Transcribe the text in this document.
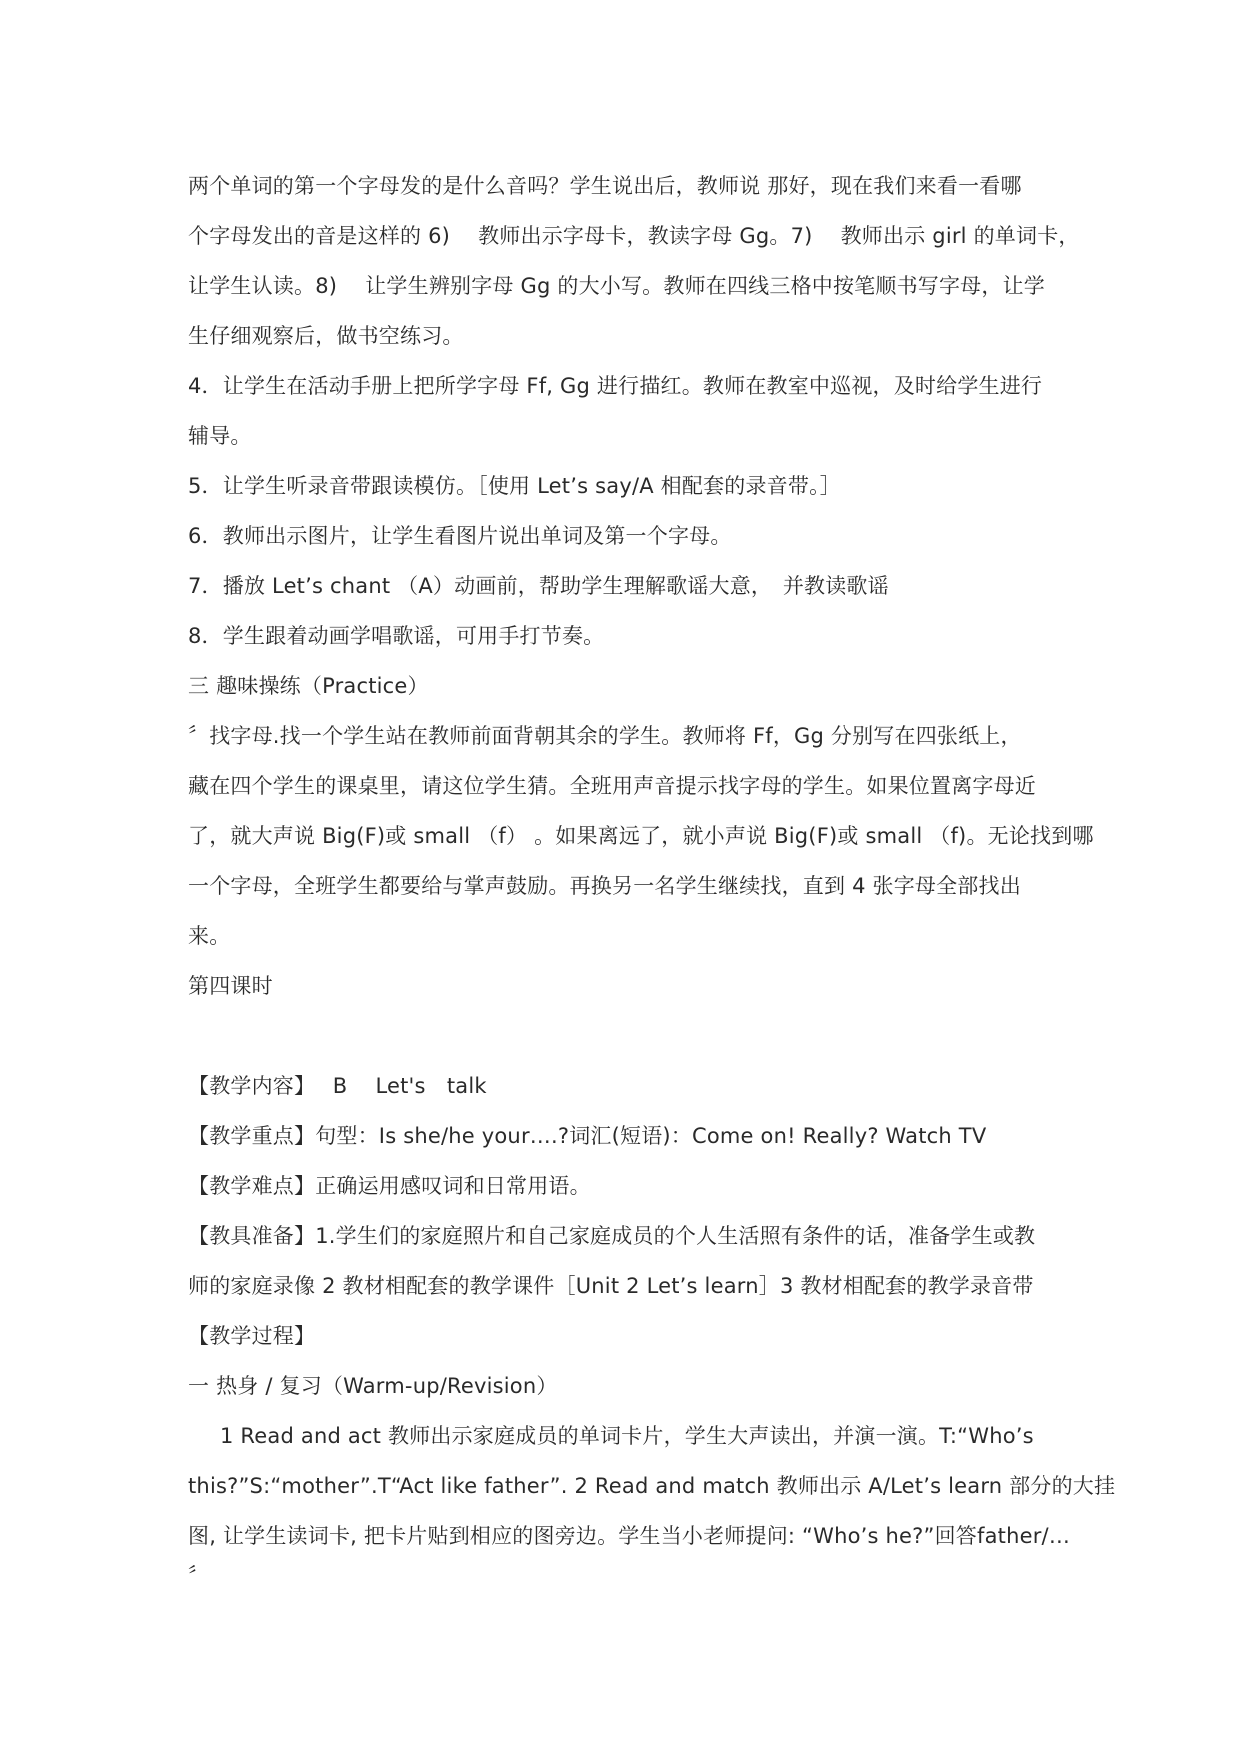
两个单词的第一个字母发的是什么音吗？学生说出后，教师说 那好，现在我们来看一看哪
个字母发出的音是这样的 6)　 教师出示字母卡，教读字母 Gg。7)　 教师出示 girl 的单词卡，
让学生认读。8)　 让学生辨别字母 Gg 的大小写。教师在四线三格中按笔顺书写字母，让学
生仔细观察后，做书空练习。
4．让学生在活动手册上把所学字母 Ff, Gg 进行描红。教师在教室中巡视，及时给学生进行
辅导。
5．让学生听录音带跟读模仿。［使用 Let’s say/A 相配套的录音带。］
6．教师出示图片，让学生看图片说出单词及第一个字母。
7．播放 Let’s chant （A）动画前，帮助学生理解歌谣大意，　并教读歌谣
8．学生跟着动画学唱歌谣，可用手打节奏。
三 趣味操练（Practice）
〞找字母.找一个学生站在教师前面背朝其余的学生。教师将 Ff，Gg 分别写在四张纸上，
藏在四个学生的课桌里，请这位学生猜。全班用声音提示找字母的学生。如果位置离字母近
了，就大声说 Big(F)或 small （f） 。如果离远了，就小声说 Big(F)或 small （f)。无论找到哪
一个字母，全班学生都要给与掌声鼓励。再换另一名学生继续找，直到 4 张字母全部找出
来。
第四课时
【教学内容】　 B　 Let's　talk
【教学重点】句型：Is she/he your….?词汇(短语)：Come on! Really? Watch TV
【教学难点】正确运用感叹词和日常用语。
【教具准备】1.学生们的家庭照片和自己家庭成员的个人生活照有条件的话，准备学生或教
师的家庭录像 2 教材相配套的教学课件［Unit 2 Let’s learn］3 教材相配套的教学录音带
【教学过程】
一 热身 / 复习（Warm-up/Revision）
1 Read and act 教师出示家庭成员的单词卡片，学生大声读出，并演一演。T:“Who’s
this?”S:“mother”.T“Act like father”. 2 Read and match 教师出示 A/Let’s learn 部分的大挂
图, 让学生读词卡, 把卡片贴到相应的图旁边。学生当小老师提问: “Who’s he?”回答father/…
〞
